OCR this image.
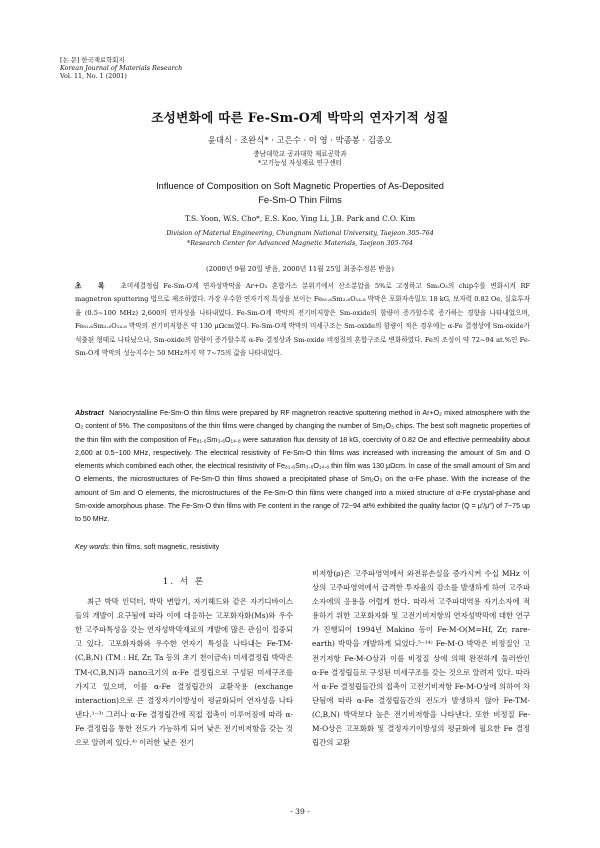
[논 문] 한국재료학회지
Korean Journal of Materials Research
Vol. 11, No. 1 (2001)
조성변화에 따른 Fe-Sm-O계 박막의 연자기적 성질
윤대식 · 조완식* · 고은수 · 이 영 · 박종봉 · 김종오
충남대학교 공과대학 재료공학과
*고기능성 자성재료 연구센터
Influence of Composition on Soft Magnetic Properties of As-Deposited
Fe-Sm-O Thin Films
T.S. Yoon, W.S. Cho*, E.S. Koo, Ying Li, J.B. Park and C.O. Kim
Division of Material Engineering, Chungnam National University, Taejeon 305-764
*Research Center for Advanced Magnetic Materials, Taejeon 305-764
(2000년 9월 20일 받음, 2000년 11월 25일 최종수정본 받음)
초 록 초미세결정립 Fe-Sm-O계 연자성박막을 Ar+O₂ 혼합가스 분위기에서 산소분압을 5%로 고정하고 Sm₂O₃의 chip수를 변화시켜 RF magnetron sputtering 법으로 제조하였다. 가장 우수한 연자기적 특성을 보이는 Fe₈₁.₆Sm₃.₆O₁₄.₈ 박막은 포화자속밀도 18 kG, 보자력 0.82 Oe, 실효투자율 (0.5~100 MHz) 2,600의 연자성을 나타내었다. Fe-Sm-O계 박막의 전기비저항은 Sm-oxide의 함량이 증가할수록 증가하는 경향을 나타내었으며, Fe₈₁.₆Sm₃.₆O₁₄.₈ 박막의 전기비저항은 약 130 μΩcm였다. Fe-Sm-O계 박막의 미세구조는 Sm-oxide의 함량이 적은 경우에는 α-Fe 결정상에 Sm-oxide가 석출된 형태로 나타났으나, Sm-oxide의 함량이 증가할수록 α-Fe 결정상과 Sm-oxide 비정질의 혼합구조로 변화하였다. Fe의 조성이 약 72~94 at.%인 Fe-Sm-O계 박막의 성능지수는 50 MHz까지 약 7~75의 값을 나타내었다.
Abstract Nanocrystalline Fe-Sm-O thin films were prepared by RF magnetron reactive sputtering method in Ar+O₂ mixed atmosphere with the O₂ content of 5%. The compositons of the thin films were changed by changing the number of Sm₂O₃ chips. The best soft magnetic properties of the thin film with the composition of Fe₈₁.₆Sm₃.₆O₁₄.₈ were saturation flux density of 18 kG, coercivity of 0.82 Oe and effective permeability about 2,600 at 0.5~100 MHz, respectively. The electrical resistivity of Fe-Sm-O thin films was increased with increasing the amount of Sm and O elements which combined each other, the electrical resistivity of Fe₈₁.₆Sm₃.₆O₁₄.₈ thin film was 130 μΩcm. In case of the small amount of Sm and O elements, the microstructures of Fe-Sm-O thin films showed a precipitated phase of Sm₂O₃ on the α-Fe phase. With the increase of the amount of Sm and O elements, the microstructures of the Fe-Sm-O thin films were changed into a mixed structure of α-Fe crystal-phase and Sm-oxide amorphous phase. The Fe-Sm-O thin films with Fe content in the range of 72~94 at% exhibited the quality factor (Q = μ′/μ″) of 7~75 up to 50 MHz.
Key words: thin films, soft magnetic, resistivity
1. 서 론

최근 박막 인덕터, 박막 변압기, 자기헤드와 같은 자기디바이스들의 개발이 요구됨에 따라 이에 대응하는 고포화자화(Ms)와 우수한 고주파특성을 갖는 연자성박막재료의 개발에 많은 관심이 집중되고 있다. 고포화자화와 우수한 연자기 특성을 나타내는 Fe-TM-(C,B,N) (TM : Hf, Zr, Ta 등의 초기 천이금속) 미세결정립 박막은 TM-(C,B,N)과 nano크기의 α-Fe 결정립으로 구성된 미세구조를 가지고 있으며, 이를 α-Fe 결정립간의 교환작용 (exchange interaction)으로 큰 결정자기이방성이 평균화되어 연자성을 나타낸다.¹⁻³⁾ 그러나 α-Fe 결정립간에 직접 접촉이 이루어짐에 따라 α-Fe 결정립을 통한 전도가 가능하게 되어 낮은 전기비저항을 갖는 것으로 알려져 있다.⁴⁾ 이러한 낮은 전기

비저항(ρ)은 고주파영역에서 와전류손실을 증가시켜 수십 MHz 이상의 고주파영역에서 급격한 투자율의 감소를 발생하게 하여 고주파소자에의 응용을 어렵게 한다. 따라서 고주파대역용 자기소자에 적용하기 위한 고포화자화 및 고전기비저항의 연자성박막에 대한 연구가 진행되어 1994년 Makino 등이 Fe-M-O(M=Hf, Zr, rare-earth) 박막을 개발하게 되었다.⁵⁻¹⁴⁾ Fe-M-O 박막은 비정질인 고전기저항 Fe-M-O상과 이를 비정질 상에 의해 완전하게 둘러싼인 α-Fe 결정립들로 구성된 미세구조를 갖는 것으로 알려져 있다. 따라서 α-Fe 결정립들간의 접촉이 고전기비저항 Fe-M-O상에 의하여 차단됨에 따라 α-Fe 결정립들간의 전도가 발생하지 않아 Fe-TM-(C,B,N) 박막보다 높은 전기비저항을 나타낸다. 또한 비정질 Fe-M-O상은 고포화화 및 결정자기이방성의 평균화에 필요한 Fe 결정립간의 교환

- 39 -
